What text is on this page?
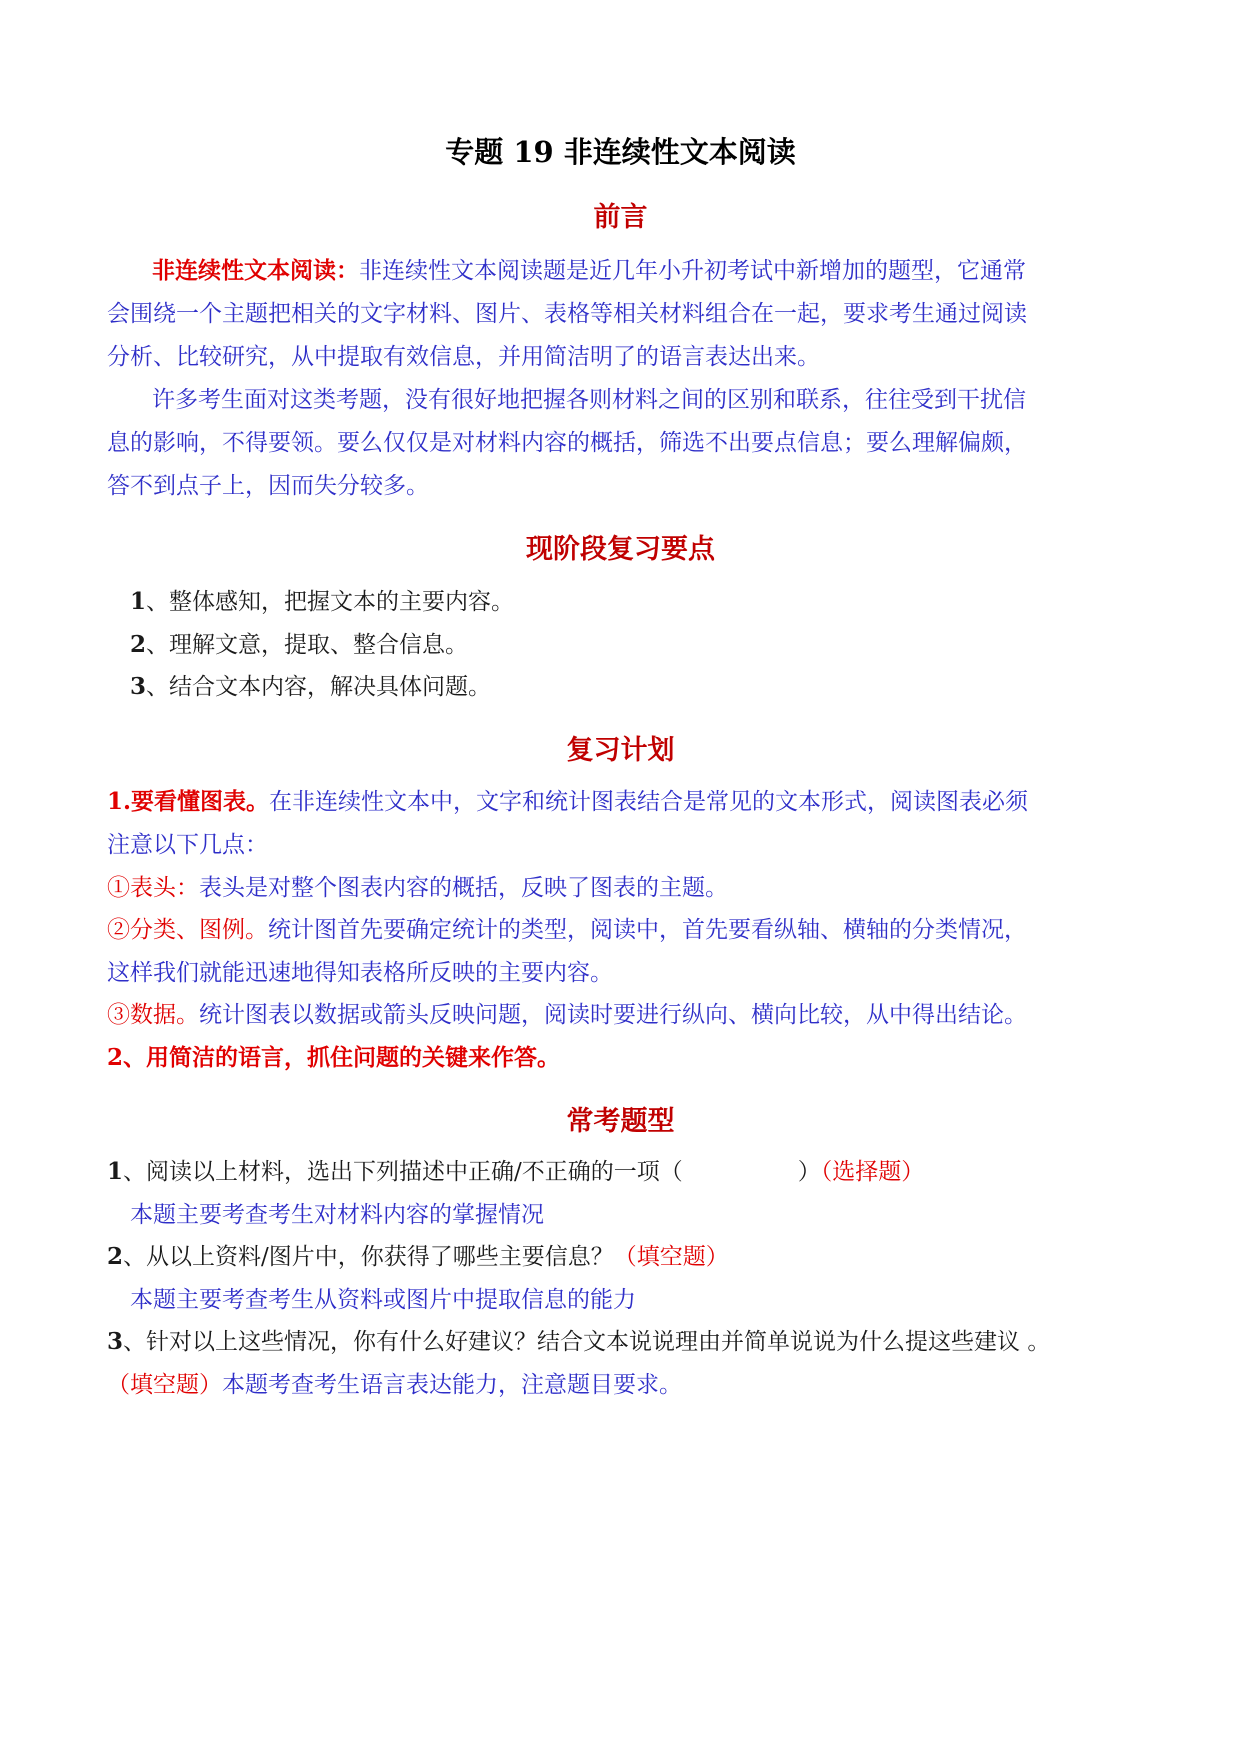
专题 19 非连续性文本阅读
前言
非连续性文本阅读：非连续性文本阅读题是近几年小升初考试中新增加的题型，它通常
会围绕一个主题把相关的文字材料、图片、表格等相关材料组合在一起，要求考生通过阅读
分析、比较研究，从中提取有效信息，并用简洁明了的语言表达出来。
许多考生面对这类考题，没有很好地把握各则材料之间的区别和联系，往往受到干扰信
息的影响，不得要领。要么仅仅是对材料内容的概括，筛选不出要点信息；要么理解偏颇，
答不到点子上，因而失分较多。
现阶段复习要点
1、整体感知，把握文本的主要内容。
2、理解文意，提取、整合信息。
3、结合文本内容，解决具体问题。
复习计划
1.要看懂图表。在非连续性文本中，文字和统计图表结合是常见的文本形式，阅读图表必须
注意以下几点：
①表头：表头是对整个图表内容的概括，反映了图表的主题。
②分类、图例。统计图首先要确定统计的类型，阅读中，首先要看纵轴、横轴的分类情况，
这样我们就能迅速地得知表格所反映的主要内容。
③数据。统计图表以数据或箭头反映问题，阅读时要进行纵向、横向比较，从中得出结论。
2、用简洁的语言，抓住问题的关键来作答。
常考题型
1、阅读以上材料，选出下列描述中正确/不正确的一项（　　　　　）（选择题）
本题主要考查考生对材料内容的掌握情况
2、从以上资料/图片中，你获得了哪些主要信息？（填空题）
本题主要考查考生从资料或图片中提取信息的能力
3、针对以上这些情况，你有什么好建议？结合文本说说理由并简单说说为什么提这些建议 。
（填空题）本题考查考生语言表达能力，注意题目要求。
